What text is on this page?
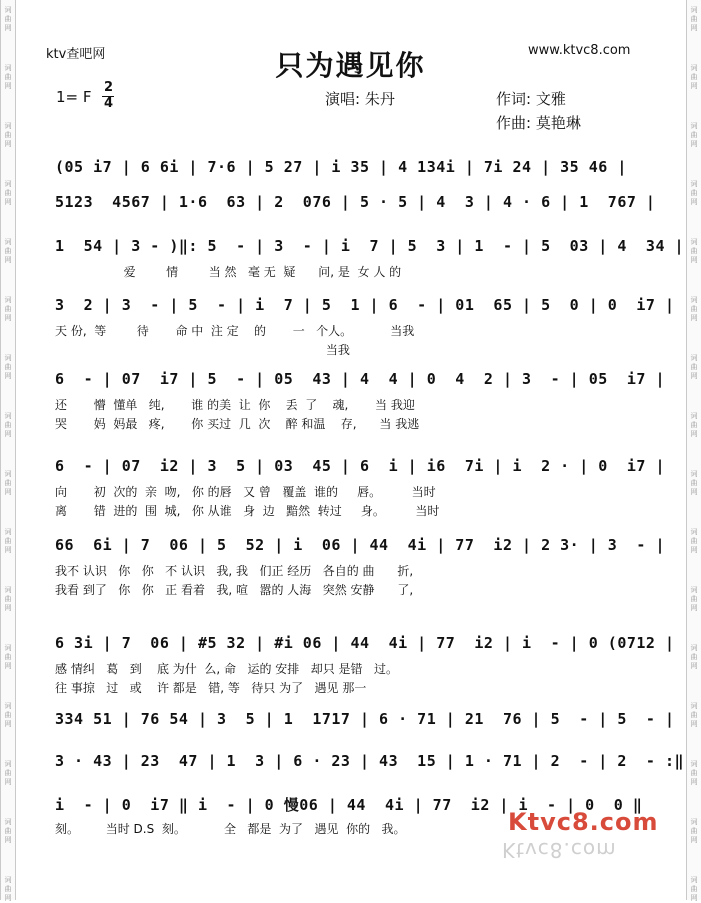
词
曲
网
词
曲
网
词
曲
网
词
曲
网
词
曲
网
词
曲
网
词
曲
网
词
曲
网
词
曲
网
词
曲
网
词
曲
网
词
曲
网
词
曲
网
词
曲
网
词
曲
网
词
曲
网
词
曲
网
词
曲
网
词
曲
网
词
曲
网
词
曲
网
词
曲
网
词
曲
网
词
曲
网
词
曲
网
词
曲
网
词
曲
网
词
曲
网
词
曲
网
词
曲
网
词
曲
网
词
曲
网
ktv查吧网	www.ktvc8.com
只为遇见你
1= F
2
4	演唱: 朱丹	作词: 文雅
作曲: 莫艳琳
(05 i7 | 6 6i | 7·6 | 5 27 | i 35 | 4 134i | 7i 24 | 35 46 |
5123  4567 | 1·6  63 | 2  076 | 5 · 5 | 4  3 | 4 · 6 | 1  767 |
1  54 | 3 - )‖: 5  - | 3  - | i  7 | 5  3 | 1  - | 5  03 | 4  34 |
爱        情        当 然   毫 无  疑      问, 是  女 人 的
3  2 | 3  - | 5  - | i  7 | 5  1 | 6  - | 01  65 | 5  0 | 0  i7 |
天 份,  等        待       命 中  注 定    的       一   个人。          当我
当我
6  - | 07  i7 | 5  - | 05  43 | 4  4 | 0  4  2 | 3  - | 05  i7 |
还       懵  懂单   纯,       谁 的美  让  你    丢  了    魂,       当 我迎
哭       妈  妈最   疼,       你 买过  几  次    醉 和温    存,      当 我逃
6  - | 07  i2 | 3  5 | 03  45 | 6  i | i6  7i | i  2 · | 0  i7 |
向       初  次的  亲  吻,   你 的唇   又 曾   覆盖  谁的     唇。        当时
离       错  进的  围  城,   你 从谁   身  边   黯然  转过     身。        当时
66  6i | 7  06 | 5  52 | i  06 | 44  4i | 77  i2 | 2 3· | 3  - |
我不 认识   你   你   不 认识   我, 我   们正 经历   各自的 曲      折,
我看 到了   你   你   正 看着   我, 喧   嚣的 人海   突然 安静      了,
6 3i | 7  06 | #5 32 | #i 06 | 44  4i | 77  i2 | i  - | 0 (0712 |
感 情纠   葛   到    底 为什  么, 命   运的 安排   却只 是错   过。
往 事掠   过   或    许 都是   错, 等   待只 为了   遇见 那一
334 51 | 76 54 | 3  5 | 1  1717 | 6 · 71 | 21  76 | 5  - | 5  - |
3 · 43 | 23  47 | 1  3 | 6 · 23 | 43  15 | 1 · 71 | 2  - | 2  - :‖
i  - | 0  i7 ‖ i  - | 0 慢06 | 44  4i | 77  i2 | i  - | 0  0 ‖
刻。       当时 D.S  刻。          全   都是  为了   遇见  你的   我。	Ktvc8.com
Ktvc8.com
